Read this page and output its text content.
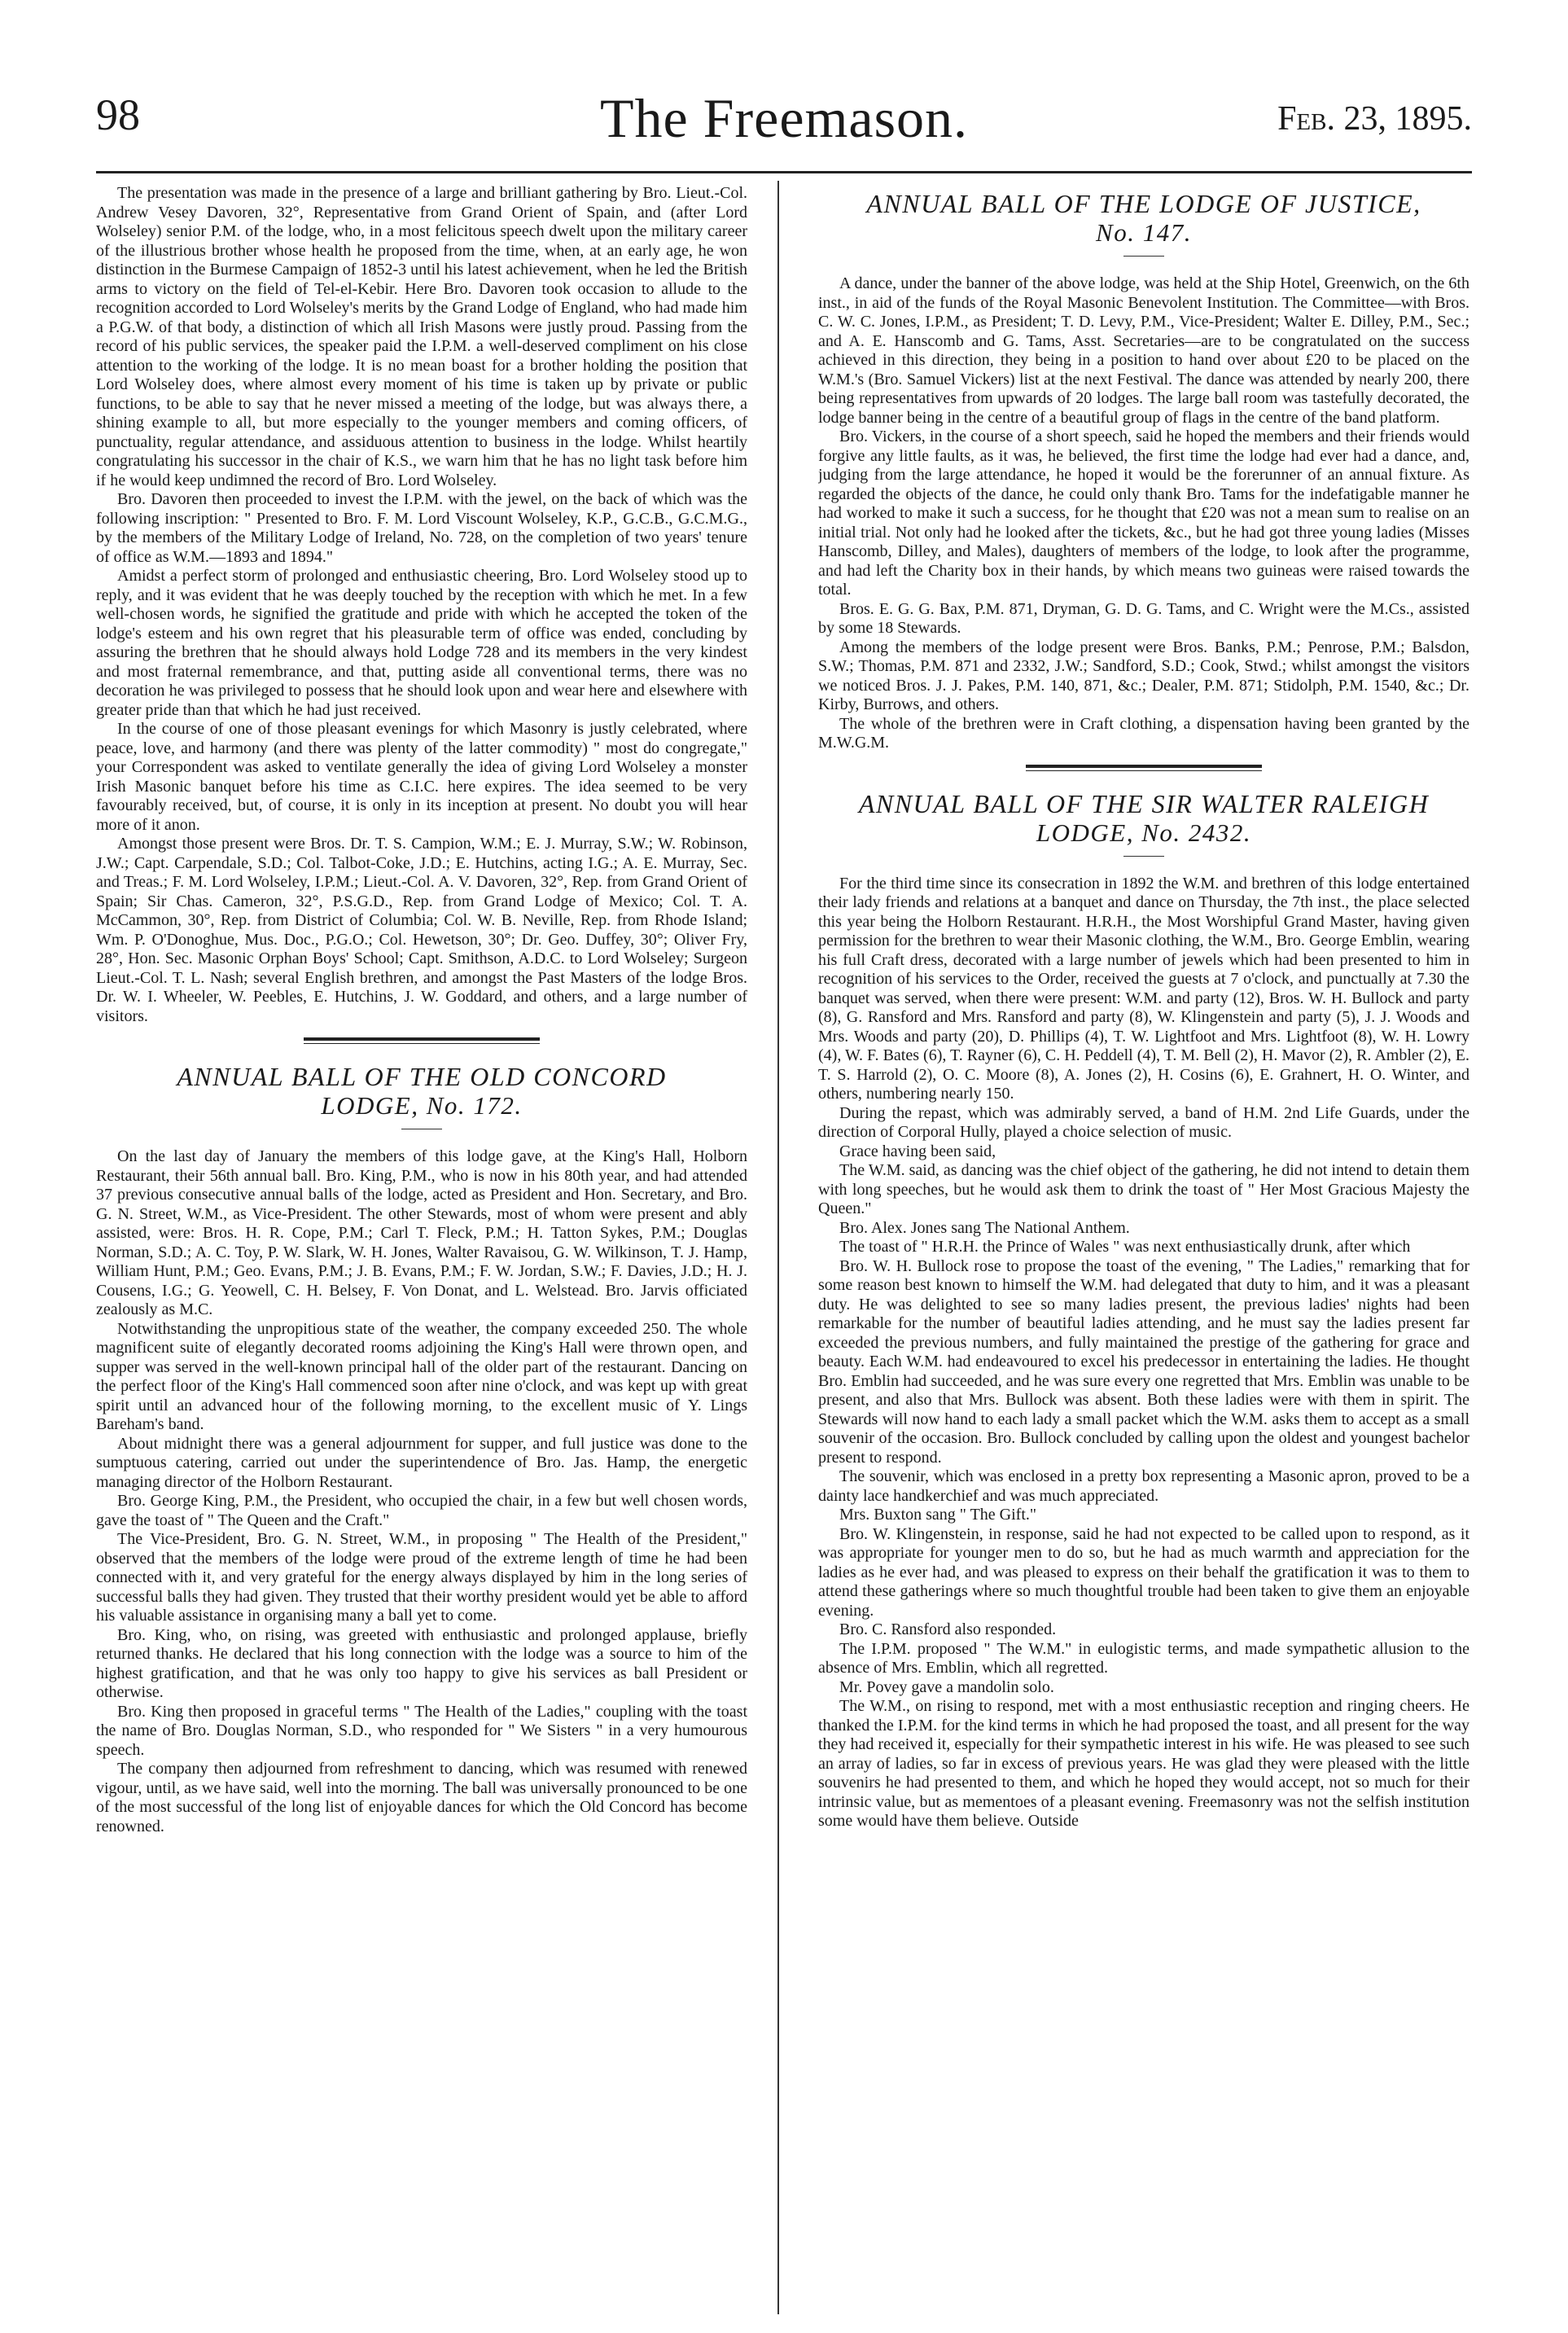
98	The Freemason.	Feb. 23, 1895.

The presentation was made in the presence of a large and brilliant gathering by Bro. Lieut.-Col. Andrew Vesey Davoren, 32°, Representative from Grand Orient of Spain, and (after Lord Wolseley) senior P.M. of the lodge, who, in a most felicitous speech dwelt upon the military career of the illustrious brother whose health he proposed from the time, when, at an early age, he won distinction in the Burmese Campaign of 1852-3 until his latest achievement, when he led the British arms to victory on the field of Tel-el-Kebir. Here Bro. Davoren took occasion to allude to the recognition accorded to Lord Wolseley's merits by the Grand Lodge of England, who had made him a P.G.W. of that body, a distinction of which all Irish Masons were justly proud. Passing from the record of his public services, the speaker paid the I.P.M. a well-deserved compliment on his close attention to the working of the lodge. It is no mean boast for a brother holding the position that Lord Wolseley does, where almost every moment of his time is taken up by private or public functions, to be able to say that he never missed a meeting of the lodge, but was always there, a shining example to all, but more especially to the younger members and coming officers, of punctuality, regular attendance, and assiduous attention to business in the lodge. Whilst heartily congratulating his successor in the chair of K.S., we warn him that he has no light task before him if he would keep undimned the record of Bro. Lord Wolseley.

Bro. Davoren then proceeded to invest the I.P.M. with the jewel, on the back of which was the following inscription: " Presented to Bro. F. M. Lord Viscount Wolseley, K.P., G.C.B., G.C.M.G., by the members of the Military Lodge of Ireland, No. 728, on the completion of two years' tenure of office as W.M.—1893 and 1894."

Amidst a perfect storm of prolonged and enthusiastic cheering, Bro. Lord Wolseley stood up to reply, and it was evident that he was deeply touched by the reception with which he met. In a few well-chosen words, he signified the gratitude and pride with which he accepted the token of the lodge's esteem and his own regret that his pleasurable term of office was ended, concluding by assuring the brethren that he should always hold Lodge 728 and its members in the very kindest and most fraternal remembrance, and that, putting aside all conventional terms, there was no decoration he was privileged to possess that he should look upon and wear here and elsewhere with greater pride than that which he had just received.

In the course of one of those pleasant evenings for which Masonry is justly celebrated, where peace, love, and harmony (and there was plenty of the latter commodity) " most do congregate," your Correspondent was asked to ventilate generally the idea of giving Lord Wolseley a monster Irish Masonic banquet before his time as C.I.C. here expires. The idea seemed to be very favourably received, but, of course, it is only in its inception at present. No doubt you will hear more of it anon.

Amongst those present were Bros. Dr. T. S. Campion, W.M.; E. J. Murray, S.W.; W. Robinson, J.W.; Capt. Carpendale, S.D.; Col. Talbot-Coke, J.D.; E. Hutchins, acting I.G.; A. E. Murray, Sec. and Treas.; F. M. Lord Wolseley, I.P.M.; Lieut.-Col. A. V. Davoren, 32°, Rep. from Grand Orient of Spain; Sir Chas. Cameron, 32°, P.S.G.D., Rep. from Grand Lodge of Mexico; Col. T. A. McCammon, 30°, Rep. from District of Columbia; Col. W. B. Neville, Rep. from Rhode Island; Wm. P. O'Donoghue, Mus. Doc., P.G.O.; Col. Hewetson, 30°; Dr. Geo. Duffey, 30°; Oliver Fry, 28°, Hon. Sec. Masonic Orphan Boys' School; Capt. Smithson, A.D.C. to Lord Wolseley; Surgeon Lieut.-Col. T. L. Nash; several English brethren, and amongst the Past Masters of the lodge Bros. Dr. W. I. Wheeler, W. Peebles, E. Hutchins, J. W. Goddard, and others, and a large number of visitors.

ANNUAL BALL OF THE OLD CONCORD
LODGE, No. 172.

On the last day of January the members of this lodge gave, at the King's Hall, Holborn Restaurant, their 56th annual ball. Bro. King, P.M., who is now in his 80th year, and had attended 37 previous consecutive annual balls of the lodge, acted as President and Hon. Secretary, and Bro. G. N. Street, W.M., as Vice-President. The other Stewards, most of whom were present and ably assisted, were: Bros. H. R. Cope, P.M.; Carl T. Fleck, P.M.; H. Tatton Sykes, P.M.; Douglas Norman, S.D.; A. C. Toy, P. W. Slark, W. H. Jones, Walter Ravaisou, G. W. Wilkinson, T. J. Hamp, William Hunt, P.M.; Geo. Evans, P.M.; J. B. Evans, P.M.; F. W. Jordan, S.W.; F. Davies, J.D.; H. J. Cousens, I.G.; G. Yeowell, C. H. Belsey, F. Von Donat, and L. Welstead. Bro. Jarvis officiated zealously as M.C.

Notwithstanding the unpropitious state of the weather, the company exceeded 250. The whole magnificent suite of elegantly decorated rooms adjoining the King's Hall were thrown open, and supper was served in the well-known principal hall of the older part of the restaurant. Dancing on the perfect floor of the King's Hall commenced soon after nine o'clock, and was kept up with great spirit until an advanced hour of the following morning, to the excellent music of Y. Lings Bareham's band.

About midnight there was a general adjournment for supper, and full justice was done to the sumptuous catering, carried out under the superintendence of Bro. Jas. Hamp, the energetic managing director of the Holborn Restaurant.

Bro. George King, P.M., the President, who occupied the chair, in a few but well chosen words, gave the toast of " The Queen and the Craft."

The Vice-President, Bro. G. N. Street, W.M., in proposing " The Health of the President," observed that the members of the lodge were proud of the extreme length of time he had been connected with it, and very grateful for the energy always displayed by him in the long series of successful balls they had given. They trusted that their worthy president would yet be able to afford his valuable assistance in organising many a ball yet to come.

Bro. King, who, on rising, was greeted with enthusiastic and prolonged applause, briefly returned thanks. He declared that his long connection with the lodge was a source to him of the highest gratification, and that he was only too happy to give his services as ball President or otherwise.

Bro. King then proposed in graceful terms " The Health of the Ladies," coupling with the toast the name of Bro. Douglas Norman, S.D., who responded for " We Sisters " in a very humourous speech.

The company then adjourned from refreshment to dancing, which was resumed with renewed vigour, until, as we have said, well into the morning. The ball was universally pronounced to be one of the most successful of the long list of enjoyable dances for which the Old Concord has become renowned.

ANNUAL BALL OF THE LODGE OF JUSTICE,
No. 147.

A dance, under the banner of the above lodge, was held at the Ship Hotel, Greenwich, on the 6th inst., in aid of the funds of the Royal Masonic Benevolent Institution. The Committee—with Bros. C. W. C. Jones, I.P.M., as President; T. D. Levy, P.M., Vice-President; Walter E. Dilley, P.M., Sec.; and A. E. Hanscomb and G. Tams, Asst. Secretaries—are to be congratulated on the success achieved in this direction, they being in a position to hand over about £20 to be placed on the W.M.'s (Bro. Samuel Vickers) list at the next Festival. The dance was attended by nearly 200, there being representatives from upwards of 20 lodges. The large ball room was tastefully decorated, the lodge banner being in the centre of a beautiful group of flags in the centre of the band platform.

Bro. Vickers, in the course of a short speech, said he hoped the members and their friends would forgive any little faults, as it was, he believed, the first time the lodge had ever had a dance, and, judging from the large attendance, he hoped it would be the forerunner of an annual fixture. As regarded the objects of the dance, he could only thank Bro. Tams for the indefatigable manner he had worked to make it such a success, for he thought that £20 was not a mean sum to realise on an initial trial. Not only had he looked after the tickets, &c., but he had got three young ladies (Misses Hanscomb, Dilley, and Males), daughters of members of the lodge, to look after the programme, and had left the Charity box in their hands, by which means two guineas were raised towards the total.

Bros. E. G. G. Bax, P.M. 871, Dryman, G. D. G. Tams, and C. Wright were the M.Cs., assisted by some 18 Stewards.

Among the members of the lodge present were Bros. Banks, P.M.; Penrose, P.M.; Balsdon, S.W.; Thomas, P.M. 871 and 2332, J.W.; Sandford, S.D.; Cook, Stwd.; whilst amongst the visitors we noticed Bros. J. J. Pakes, P.M. 140, 871, &c.; Dealer, P.M. 871; Stidolph, P.M. 1540, &c.; Dr. Kirby, Burrows, and others.

The whole of the brethren were in Craft clothing, a dispensation having been granted by the M.W.G.M.

ANNUAL BALL OF THE SIR WALTER RALEIGH
LODGE, No. 2432.

For the third time since its consecration in 1892 the W.M. and brethren of this lodge entertained their lady friends and relations at a banquet and dance on Thursday, the 7th inst., the place selected this year being the Holborn Restaurant. H.R.H., the Most Worshipful Grand Master, having given permission for the brethren to wear their Masonic clothing, the W.M., Bro. George Emblin, wearing his full Craft dress, decorated with a large number of jewels which had been presented to him in recognition of his services to the Order, received the guests at 7 o'clock, and punctually at 7.30 the banquet was served, when there were present: W.M. and party (12), Bros. W. H. Bullock and party (8), G. Ransford and Mrs. Ransford and party (8), W. Klingenstein and party (5), J. J. Woods and Mrs. Woods and party (20), D. Phillips (4), T. W. Lightfoot and Mrs. Lightfoot (8), W. H. Lowry (4), W. F. Bates (6), T. Rayner (6), C. H. Peddell (4), T. M. Bell (2), H. Mavor (2), R. Ambler (2), E. T. S. Harrold (2), O. C. Moore (8), A. Jones (2), H. Cosins (6), E. Grahnert, H. O. Winter, and others, numbering nearly 150.

During the repast, which was admirably served, a band of H.M. 2nd Life Guards, under the direction of Corporal Hully, played a choice selection of music.

Grace having been said,

The W.M. said, as dancing was the chief object of the gathering, he did not intend to detain them with long speeches, but he would ask them to drink the toast of " Her Most Gracious Majesty the Queen."

Bro. Alex. Jones sang The National Anthem.

The toast of " H.R.H. the Prince of Wales " was next enthusiastically drunk, after which

Bro. W. H. Bullock rose to propose the toast of the evening, " The Ladies," remarking that for some reason best known to himself the W.M. had delegated that duty to him, and it was a pleasant duty. He was delighted to see so many ladies present, the previous ladies' nights had been remarkable for the number of beautiful ladies attending, and he must say the ladies present far exceeded the previous numbers, and fully maintained the prestige of the gathering for grace and beauty. Each W.M. had endeavoured to excel his predecessor in entertaining the ladies. He thought Bro. Emblin had succeeded, and he was sure every one regretted that Mrs. Emblin was unable to be present, and also that Mrs. Bullock was absent. Both these ladies were with them in spirit. The Stewards will now hand to each lady a small packet which the W.M. asks them to accept as a small souvenir of the occasion. Bro. Bullock concluded by calling upon the oldest and youngest bachelor present to respond.

The souvenir, which was enclosed in a pretty box representing a Masonic apron, proved to be a dainty lace handkerchief and was much appreciated.

Mrs. Buxton sang " The Gift."

Bro. W. Klingenstein, in response, said he had not expected to be called upon to respond, as it was appropriate for younger men to do so, but he had as much warmth and appreciation for the ladies as he ever had, and was pleased to express on their behalf the gratification it was to them to attend these gatherings where so much thoughtful trouble had been taken to give them an enjoyable evening.

Bro. C. Ransford also responded.

The I.P.M. proposed " The W.M." in eulogistic terms, and made sympathetic allusion to the absence of Mrs. Emblin, which all regretted.

Mr. Povey gave a mandolin solo.

The W.M., on rising to respond, met with a most enthusiastic reception and ringing cheers. He thanked the I.P.M. for the kind terms in which he had proposed the toast, and all present for the way they had received it, especially for their sympathetic interest in his wife. He was pleased to see such an array of ladies, so far in excess of previous years. He was glad they were pleased with the little souvenirs he had presented to them, and which he hoped they would accept, not so much for their intrinsic value, but as mementoes of a pleasant evening. Freemasonry was not the selfish institution some would have them believe. Outside
